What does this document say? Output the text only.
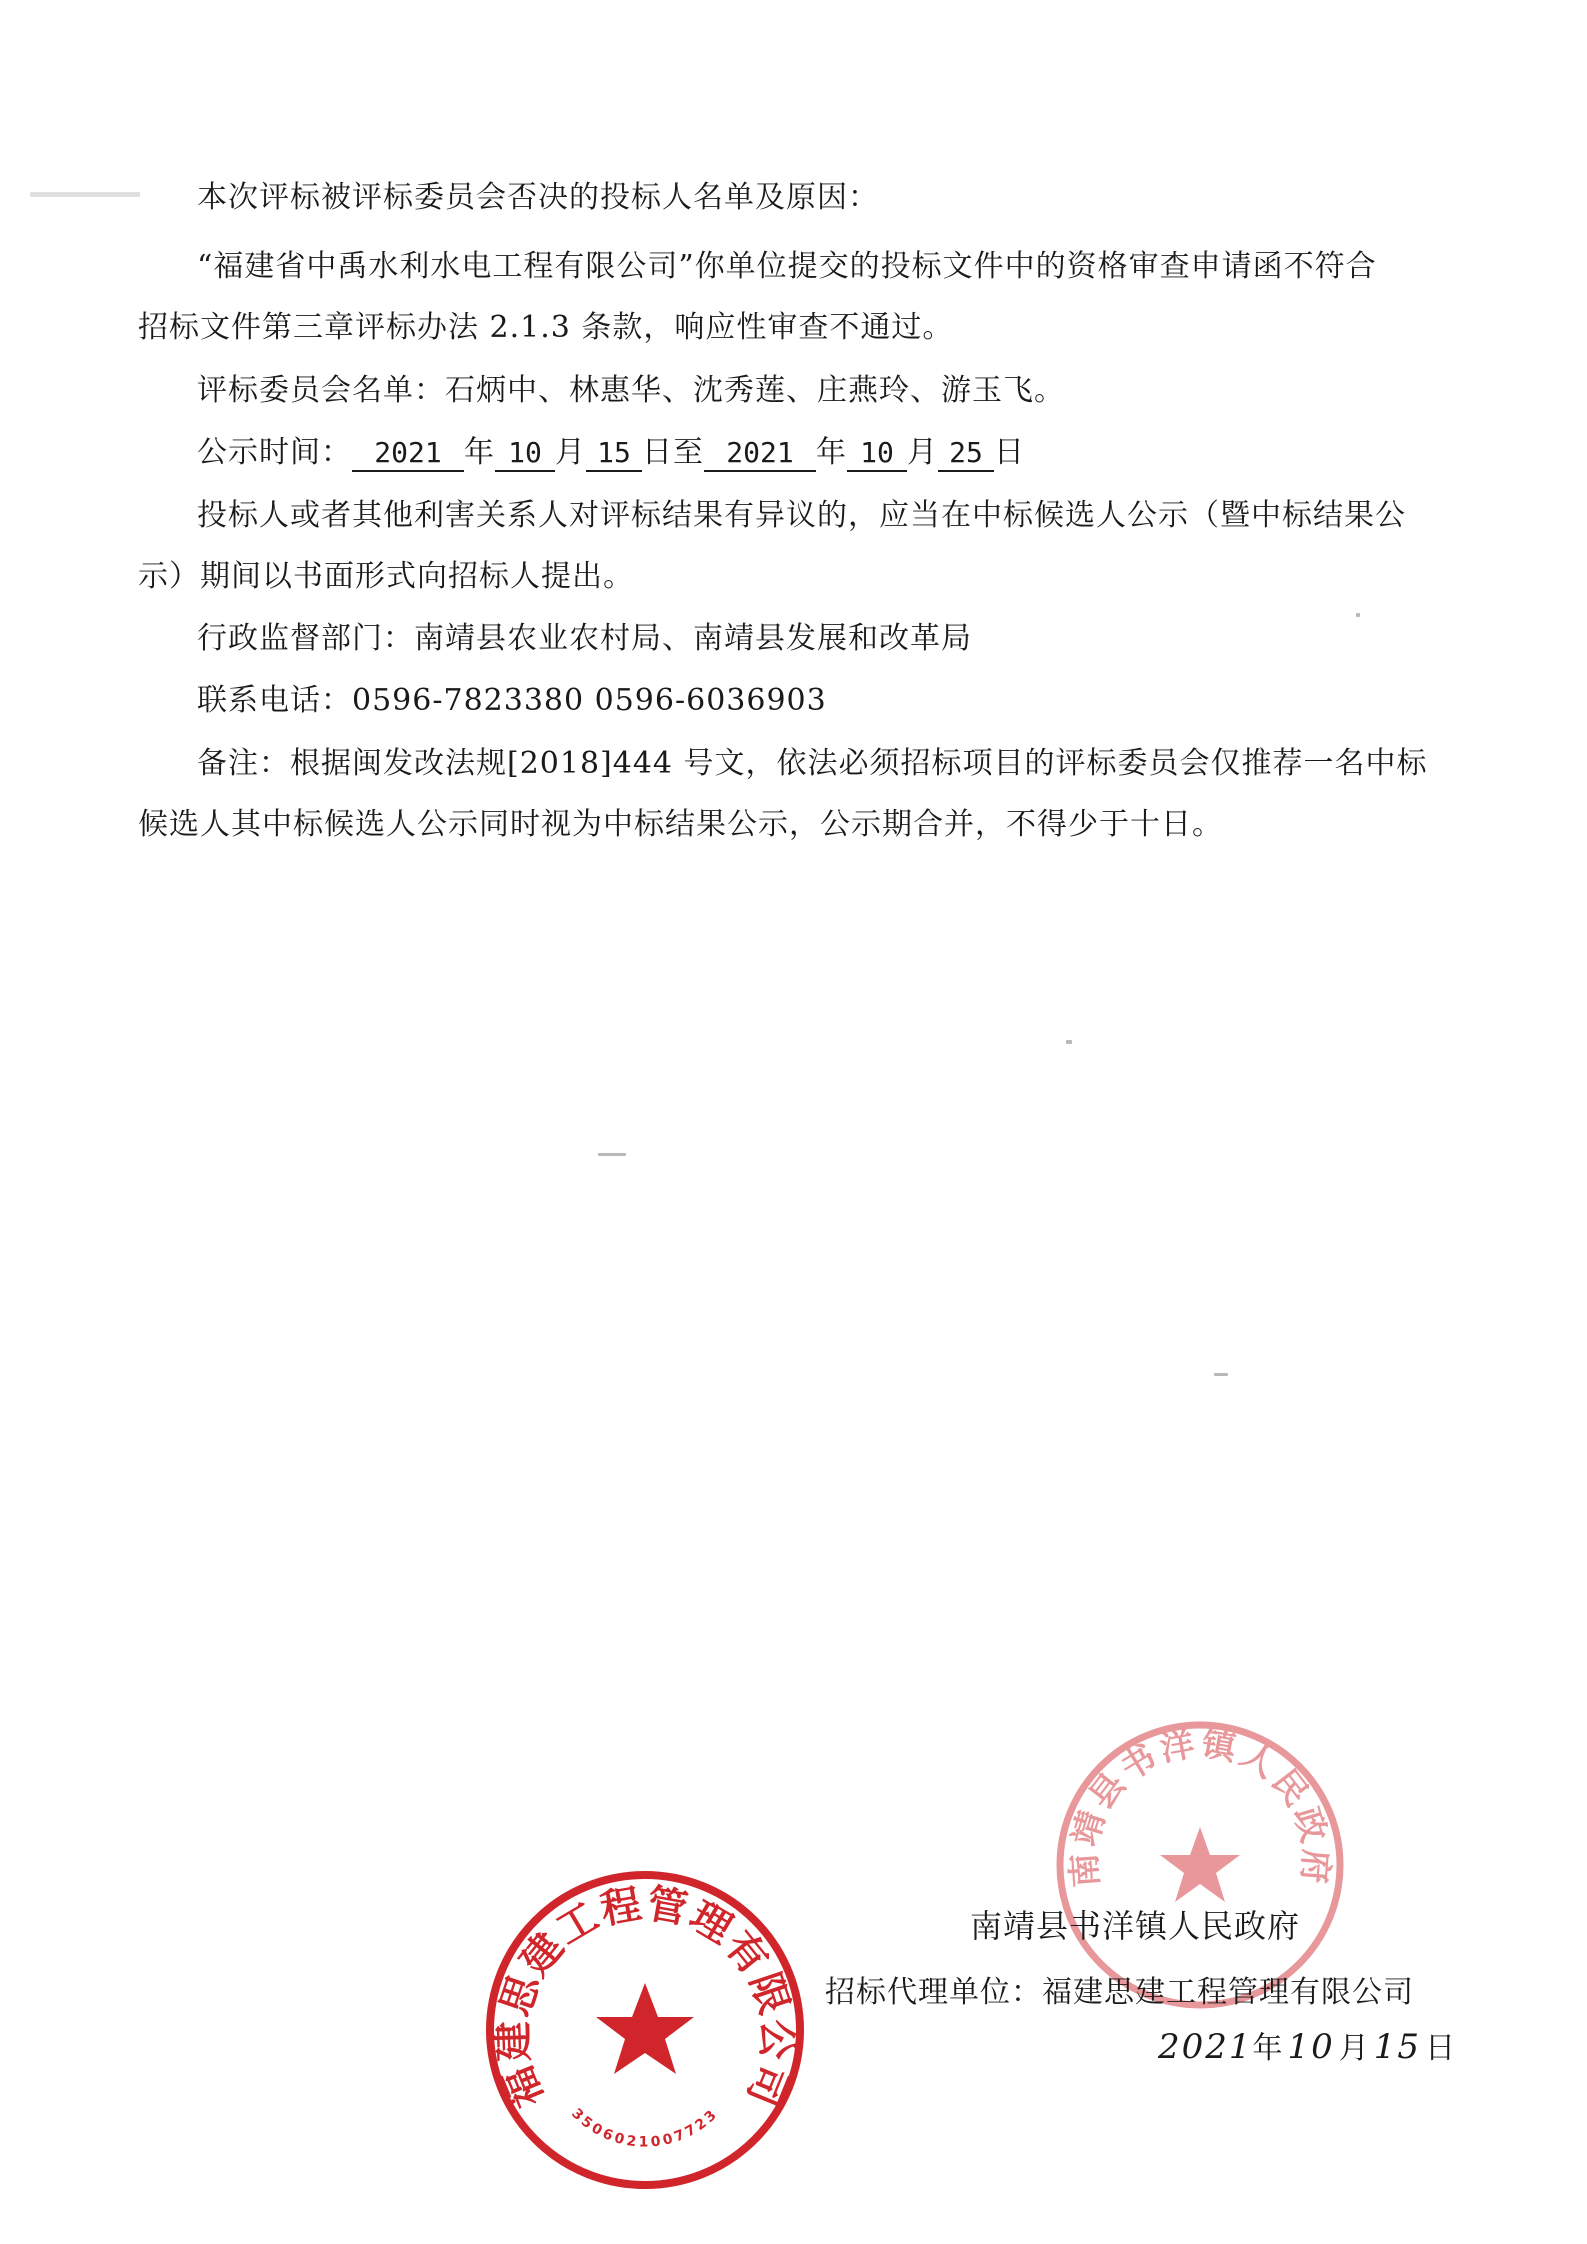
本次评标被评标委员会否决的投标人名单及原因：
“福建省中禹水利水电工程有限公司”你单位提交的投标文件中的资格审查申请函不符合
招标文件第三章评标办法 2.1.3 条款，响应性审查不通过。
评标委员会名单：石炳中、林惠华、沈秀莲、庄燕玲、游玉飞。
公示时间： 2021 年 10 月 15 日至 2021 年 10 月 25 日
投标人或者其他利害关系人对评标结果有异议的，应当在中标候选人公示（暨中标结果公
示）期间以书面形式向招标人提出。
行政监督部门：南靖县农业农村局、南靖县发展和改革局
联系电话：0596-7823380 0596-6036903
备注：根据闽发改法规[2018]444 号文，依法必须招标项目的评标委员会仅推荐一名中标
候选人其中标候选人公示同时视为中标结果公示，公示期合并，不得少于十日。
南靖县书洋镇人民政府
南靖县书洋镇人民政府
招标代理单位：福建思建工程管理有限公司
2021年 10 月 15 日
福建思建工程管理有限公司
3506021007723
